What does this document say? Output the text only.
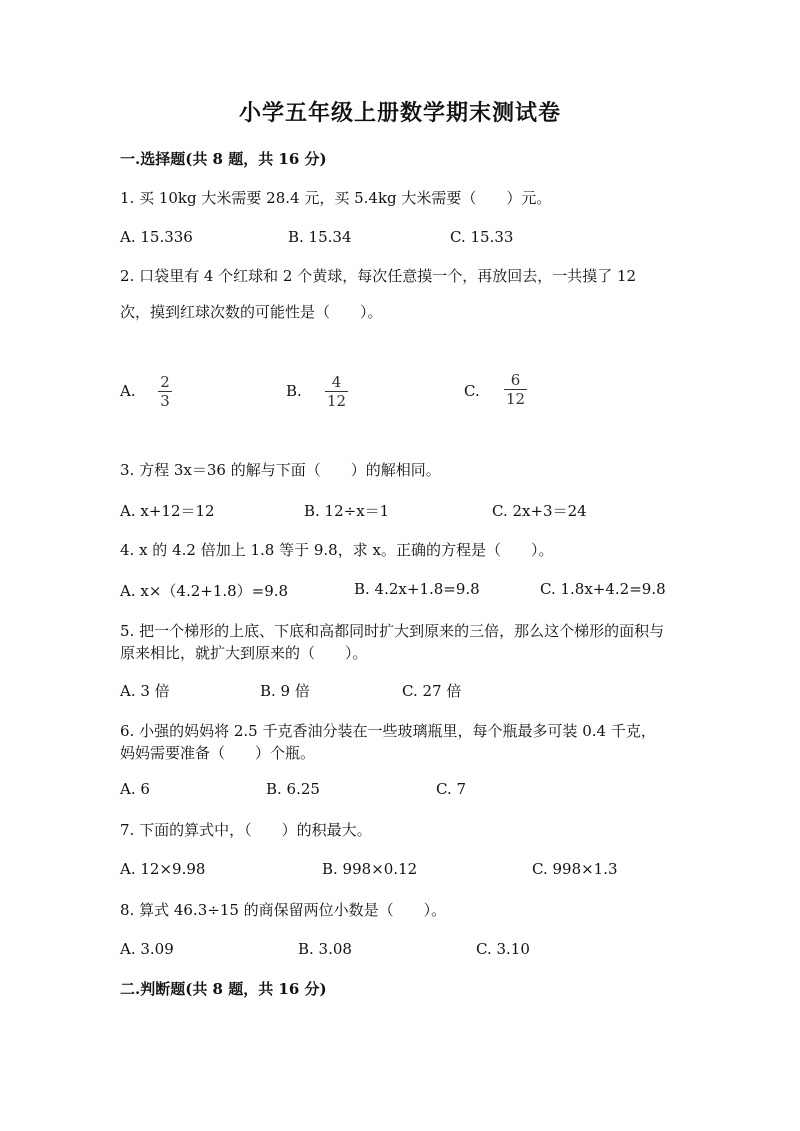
小学五年级上册数学期末测试卷
一.选择题(共 8 题，共 16 分)
1. 买 10kg 大米需要 28.4 元，买 5.4kg 大米需要（　　）元。
A. 15.336	B. 15.34	C. 15.33
2. 口袋里有 4 个红球和 2 个黄球，每次任意摸一个，再放回去，一共摸了 12 次，摸到红球次数的可能性是（　　）。
A. 2
3
B. 4
12
C.
6
12
3. 方程 3x＝36 的解与下面（　　）的解相同。
A. x+12＝12	B. 12÷x＝1	C. 2x+3＝24
4. x 的 4.2 倍加上 1.8 等于 9.8，求 x。正确的方程是（　　）。
A. x×（4.2+1.8）=9.8	B. 4.2x+1.8=9.8	C. 1.8x+4.2=9.8
5. 把一个梯形的上底、下底和高都同时扩大到原来的三倍，那么这个梯形的面积与原来相比，就扩大到原来的（　　）。
A. 3 倍	B. 9 倍	C. 27 倍
6. 小强的妈妈将 2.5 千克香油分装在一些玻璃瓶里，每个瓶最多可装 0.4 千克，妈妈需要准备（　　）个瓶。
A. 6	B. 6.25	C. 7
7. 下面的算式中，（　　）的积最大。
A. 12×9.98	B. 998×0.12	C. 998×1.3
8. 算式 46.3÷15 的商保留两位小数是（　　）。
A. 3.09	B. 3.08	C. 3.10
二.判断题(共 8 题，共 16 分)
